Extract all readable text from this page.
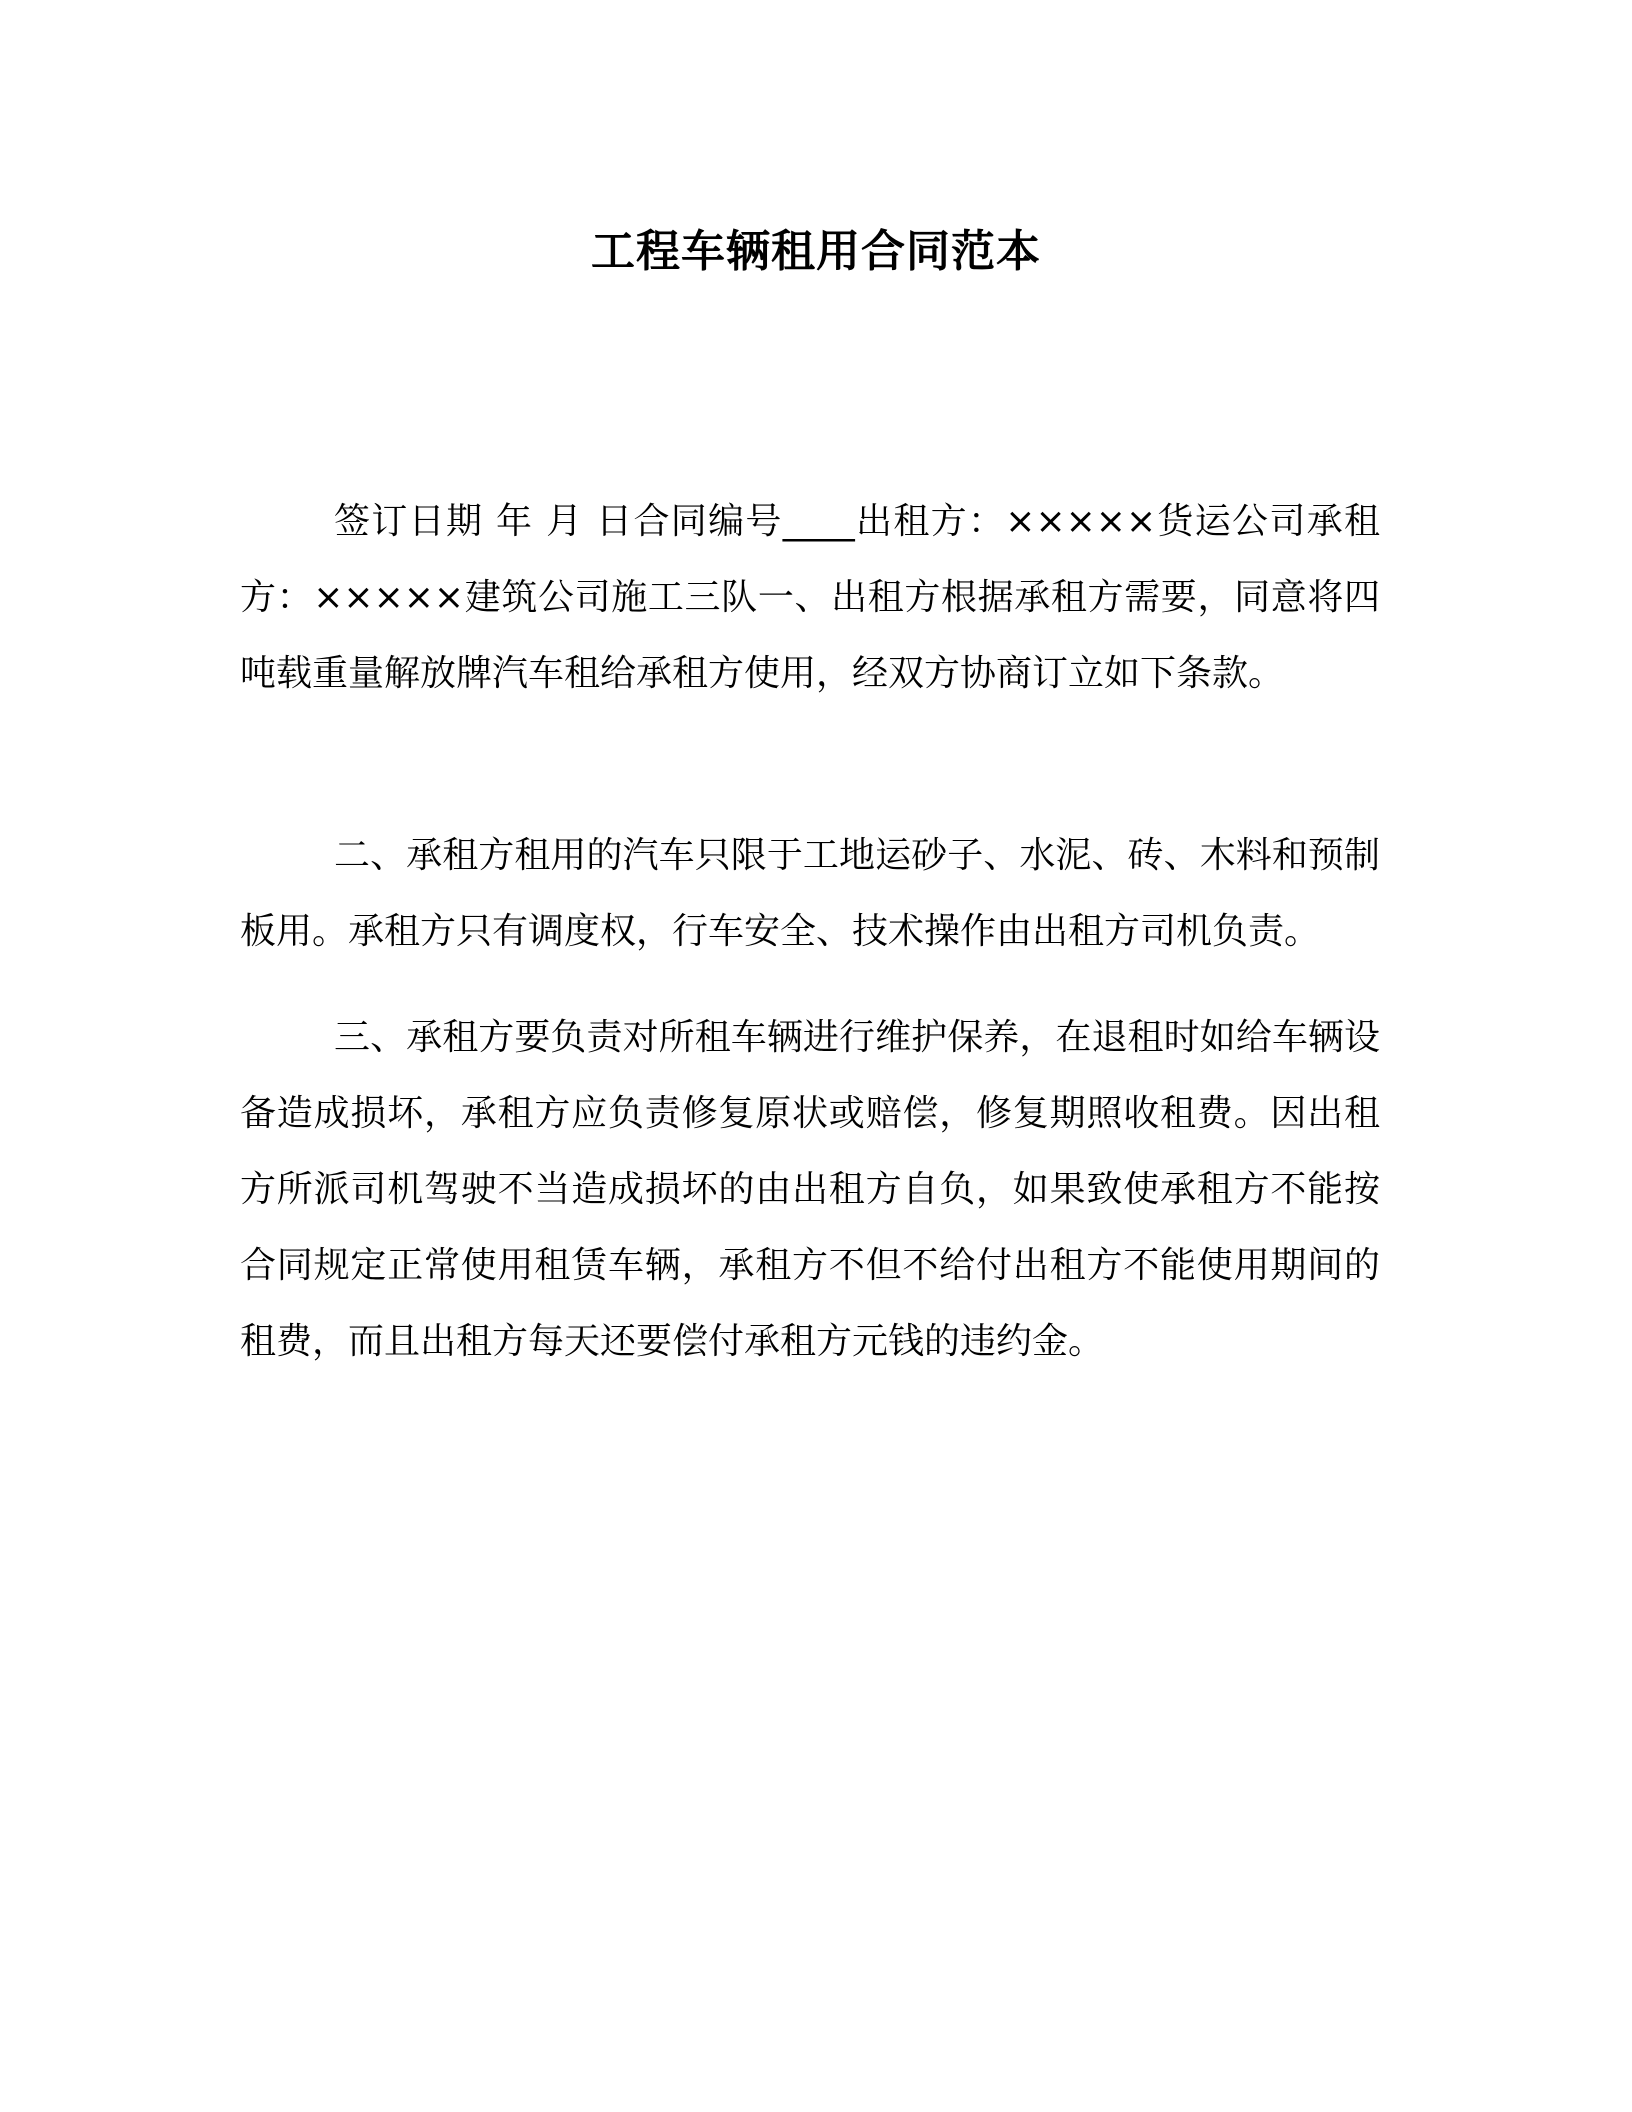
工程车辆租用合同范本

签订日期 年 月 日合同编号____出租方：×××××货运公司承租方：×××××建筑公司施工三队一、出租方根据承租方需要，同意将四吨载重量解放牌汽车租给承租方使用，经双方协商订立如下条款。

二、承租方租用的汽车只限于工地运砂子、水泥、砖、木料和预制板用。承租方只有调度权，行车安全、技术操作由出租方司机负责。

三、承租方要负责对所租车辆进行维护保养，在退租时如给车辆设备造成损坏，承租方应负责修复原状或赔偿，修复期照收租费。因出租方所派司机驾驶不当造成损坏的由出租方自负，如果致使承租方不能按合同规定正常使用租赁车辆，承租方不但不给付出租方不能使用期间的租费，而且出租方每天还要偿付承租方元钱的违约金。
